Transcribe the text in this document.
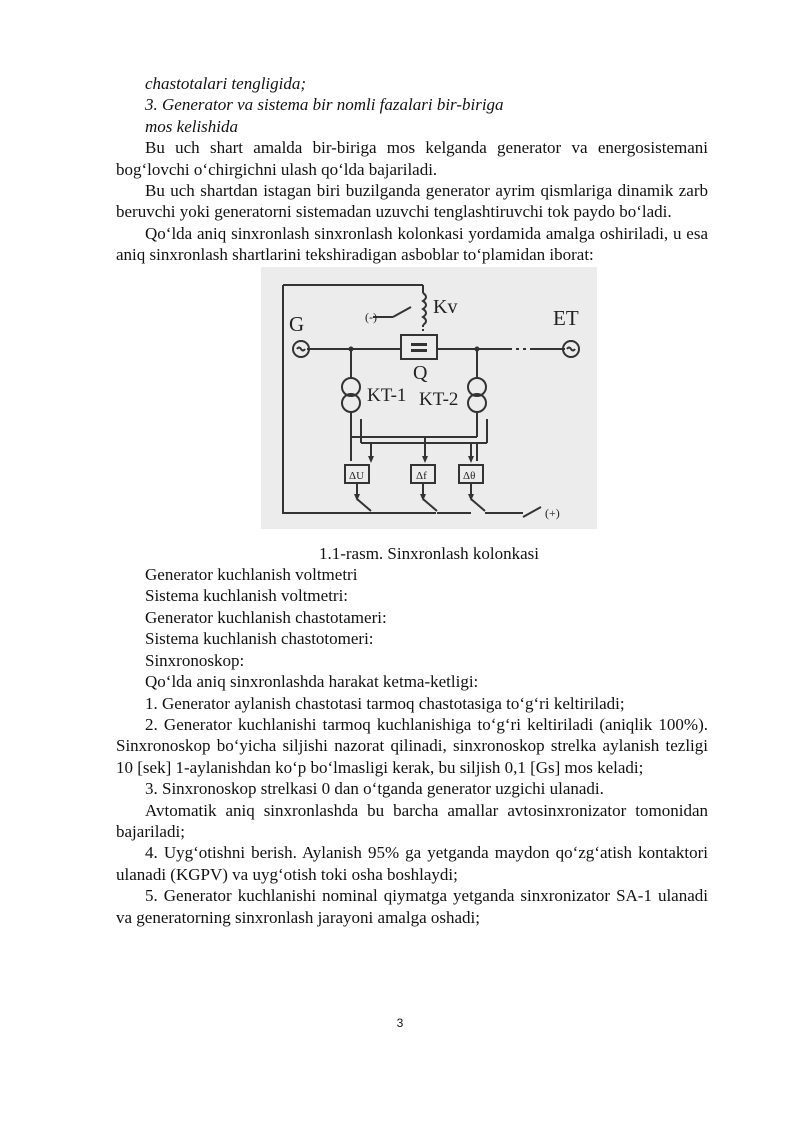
chastotalari tengligida;

3. Generator va sistema bir nomli fazalari bir-biriga

mos kelishida

Bu uch shart amalda bir-biriga mos kelganda generator va energosistemani bog‘lovchi o‘chirgichni ulash qo‘lda bajariladi.

Bu uch shartdan istagan biri buzilganda generator ayrim qismlariga dinamik zarb beruvchi yoki generatorni sistemadan uzuvchi tenglashtiruvchi tok paydo bo‘ladi.

Qo‘lda aniq sinxronlash sinxronlash kolonkasi yordamida amalga oshiriladi, u esa aniq sinxronlash shartlarini tekshiradigan asboblar to‘plamidan iborat:

G	ET
Kv
Q
KT-1 KT-2
(-)
(+)
ΔU	Δf	Δθ

1.1-rasm. Sinxronlash kolonkasi

Generator kuchlanish voltmetri

Sistema kuchlanish voltmetri:

Generator kuchlanish chastotameri:

Sistema kuchlanish chastotomeri:

Sinxronoskop:

Qo‘lda aniq sinxronlashda harakat ketma-ketligi:

1. Generator aylanish chastotasi tarmoq chastotasiga to‘g‘ri keltiriladi;

2. Generator kuchlanishi tarmoq kuchlanishiga to‘g‘ri keltiriladi (aniqlik 100%). Sinxronoskop bo‘yicha siljishi nazorat qilinadi, sinxronoskop strelka aylanish tezligi 10 [sek] 1-aylanishdan ko‘p bo‘lmasligi kerak, bu siljish 0,1 [Gs] mos keladi;

3. Sinxronoskop strelkasi 0 dan o‘tganda generator uzgichi ulanadi.

Avtomatik aniq sinxronlashda bu barcha amallar avtosinxronizator tomonidan bajariladi;

4. Uyg‘otishni berish. Aylanish 95% ga yetganda maydon qo‘zg‘atish kontaktori ulanadi (KGPV) va uyg‘otish toki osha boshlaydi;

5. Generator kuchlanishi nominal qiymatga yetganda sinxronizator SA-1 ulanadi va generatorning sinxronlash jarayoni amalga oshadi;

3
